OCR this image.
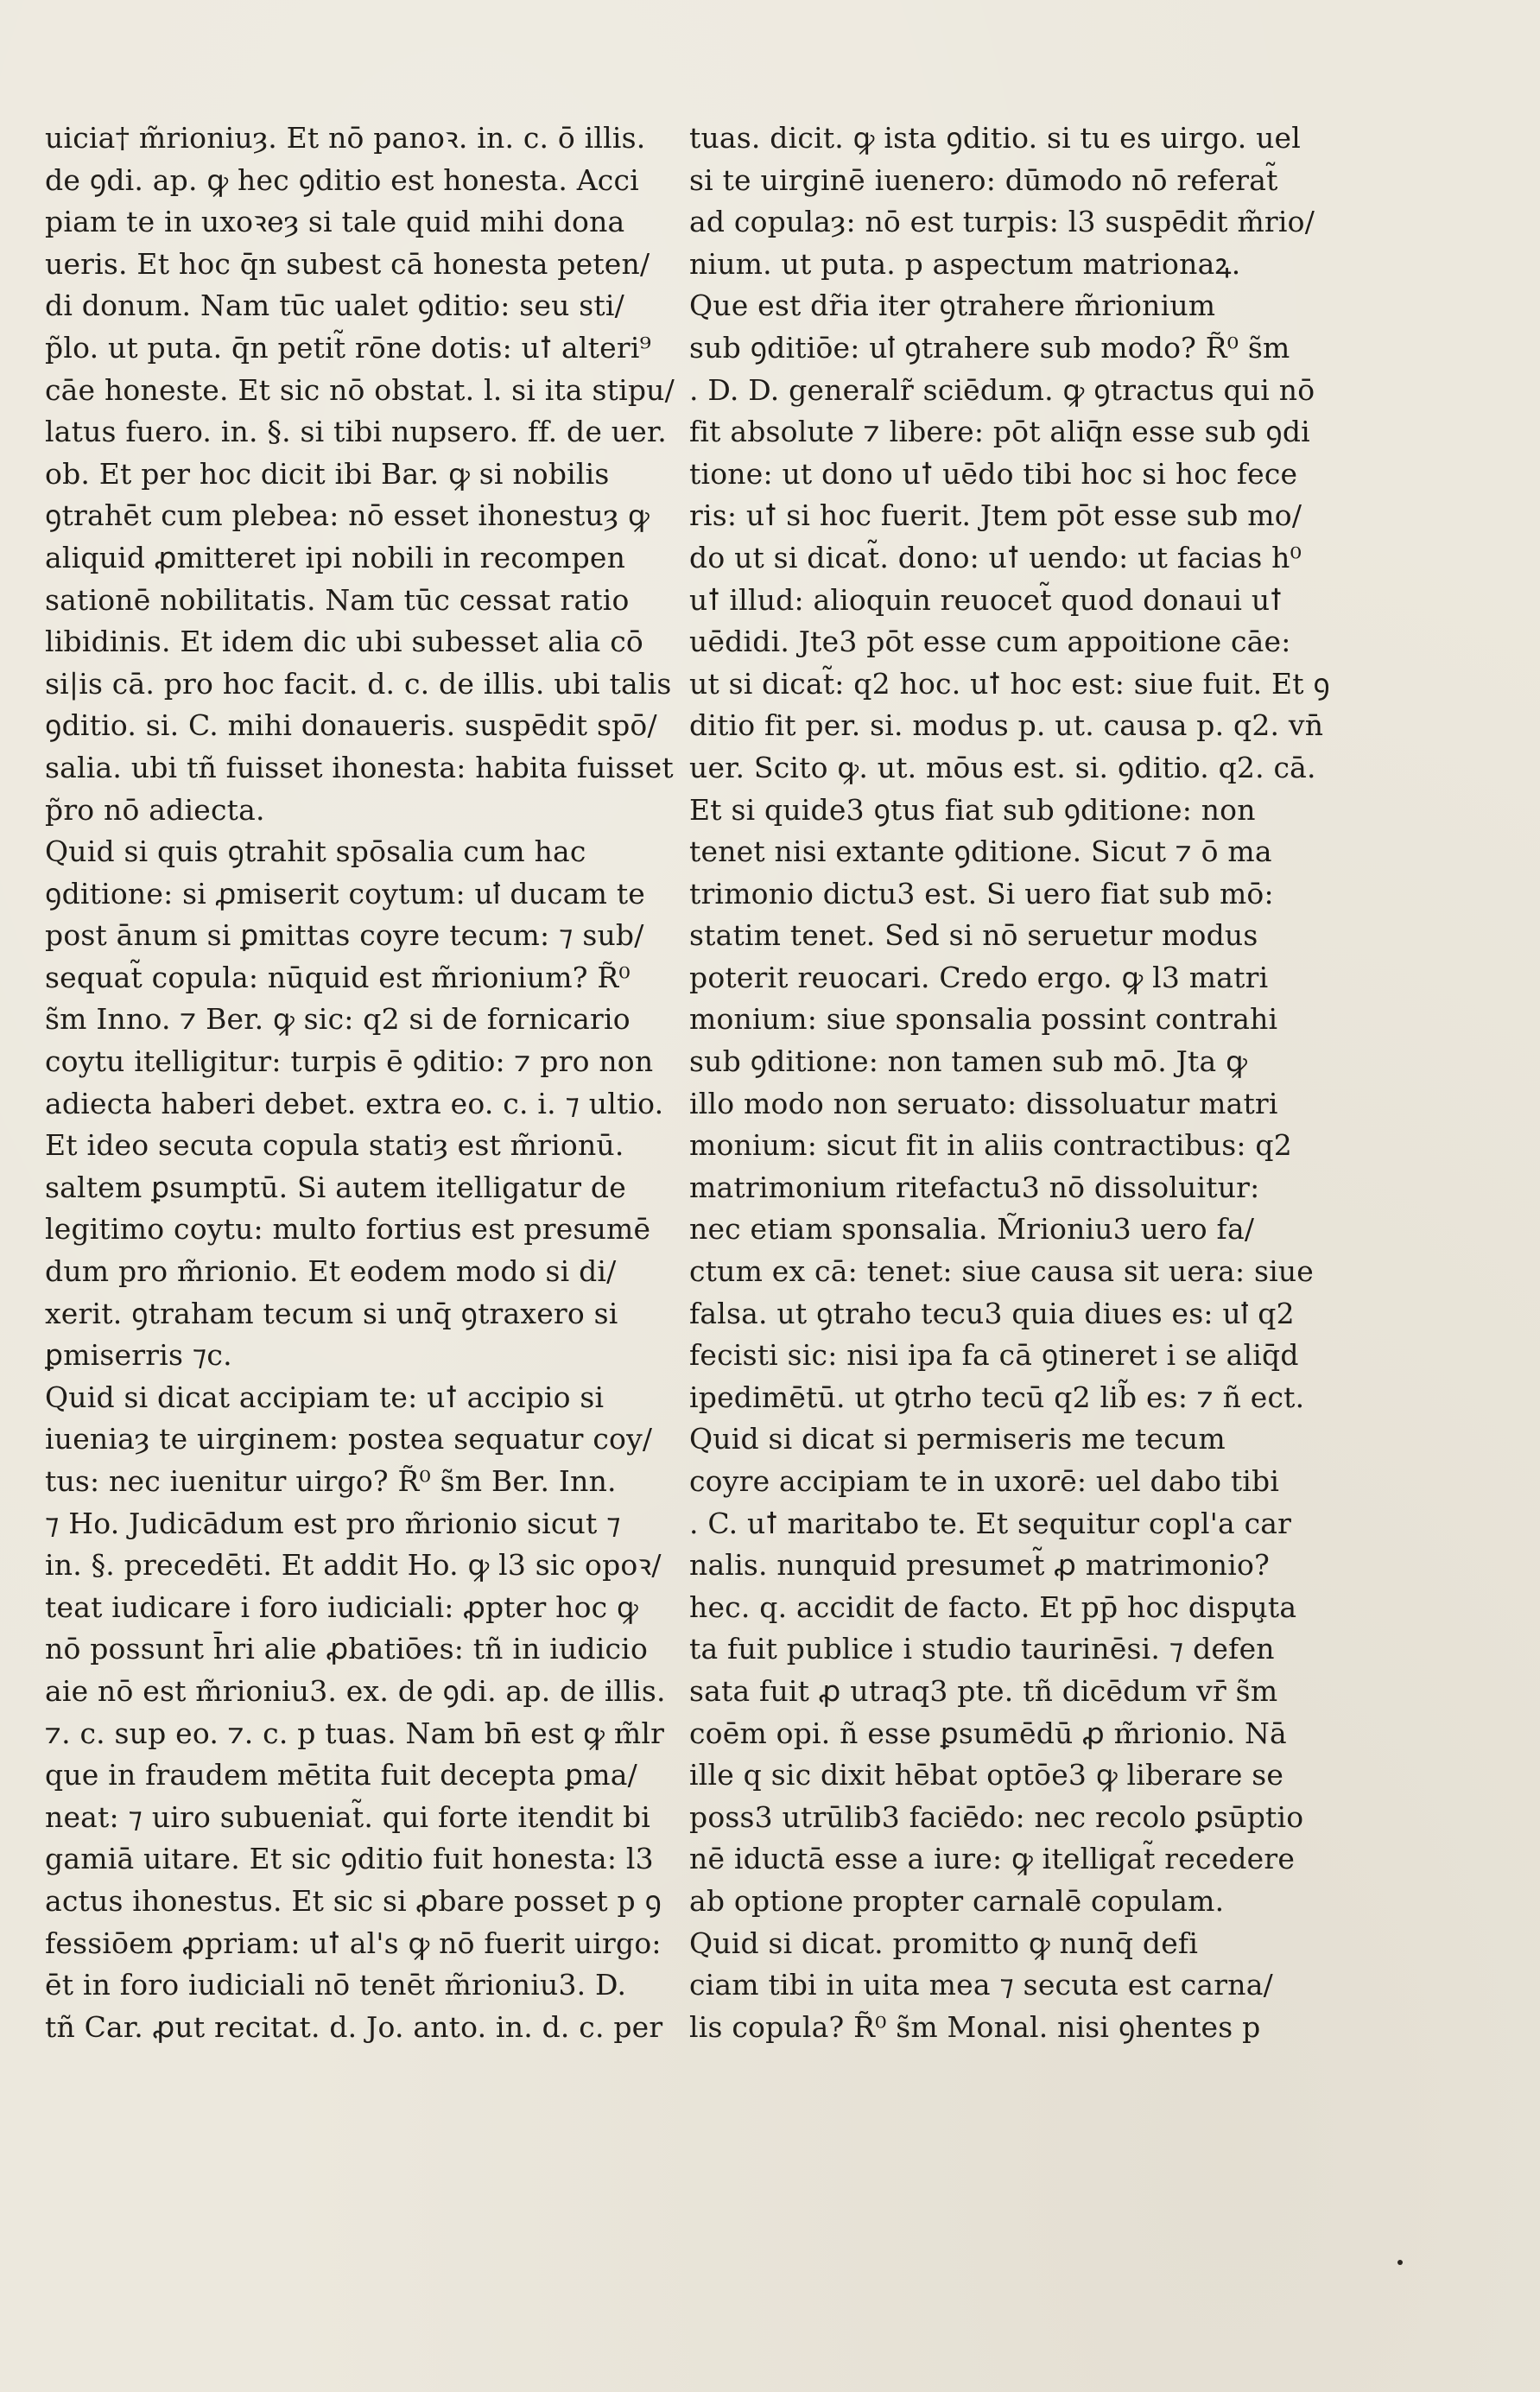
uicia† m̃rioniuȝ. Et nō panoꝛ. in. c. ō illis.
de ꝯdi. ap. ꝙ hec ꝯditio est honesta. Acci
piam te in uxoꝛeȝ si tale quid mihi dona
ueris. Et hoc q̄n subest cā honesta peten/
di donum. Nam tūc ualet ꝯditio: seu sti/
p̃lo. ut puta. q̄n petit̃ rōne dotis: uꝉ alteri⁹
cāe honeste. Et sic nō obstat. l. si ita stipu/
latus fuero. in. §. si tibi nupsero. ff. de uer.
ob. Et per hoc dicit ibi Bar. ꝙ si nobilis
ꝯtrahēt cum plebea: nō esset ihonestuȝ ꝙ
aliquid ꝓmitteret ipi nobili in recompen
sationē nobilitatis. Nam tūc cessat ratio
libidinis. Et idem dic ubi subesset alia cō
si|is cā. pro hoc facit. d. c. de illis. ubi talis
ꝯditio. si. C. mihi donaueris. suspēdit spō/
salia. ubi tñ fuisset ihonesta: habita fuisset
p̃ro nō adiecta.
Quid si quis ꝯtrahit spōsalia cum hac
ꝯditione: si ꝓmiserit coytum: uꝉ ducam te
post ānum si ꝑmittas coyre tecum: ⁊ sub/
sequat̃ copula: nūquid est m̃rionium? R̃⁰
s̃m Inno. ⁊ Ber. ꝙ sic: q2 si de fornicario
coytu itelligitur: turpis ē ꝯditio: ⁊ pro non
adiecta haberi debet. extra eo. c. i. ⁊ ultio.
Et ideo secuta copula statiȝ est m̃rionū.
saltem ꝑsumptū. Si autem itelligatur de
legitimo coytu: multo fortius est presumē
dum pro m̃rionio. Et eodem modo si di/
xerit. ꝯtraham tecum si unq̄ ꝯtraxero si
ꝑmiserris ⁊c.
Quid si dicat accipiam te: uꝉ accipio si
iueniaȝ te uirginem: postea sequatur coy/
tus: nec iuenitur uirgo? R̃⁰ s̃m Ber. Inn.
⁊ Ho. Judicādum est pro m̃rionio sicut ⁊
in. §. precedēti. Et addit Ho. ꝙ l3 sic opoꝛ/
teat iudicare i foro iudiciali: ꝓpter hoc ꝙ
nō possunt h̄ri alie ꝓbatiōes: tñ in iudicio
aie nō est m̃rioniu3. ex. de ꝯdi. ap. de illis.
⁊. c. sup eo. ⁊. c. p tuas. Nam bn̄ est ꝙ m̃lr
que in fraudem mētita fuit decepta ꝑma/
neat: ⁊ uiro subueniat̃. qui forte itendit bi
gamiā uitare. Et sic ꝯditio fuit honesta: l3
actus ihonestus. Et sic si ꝓbare posset p ꝯ
fessiōem ꝓpriam: uꝉ al's ꝙ nō fuerit uirgo:
ēt in foro iudiciali nō tenēt m̃rioniu3. D.
tñ Car. ꝓut recitat. d. Jo. anto. in. d. c. per
tuas. dicit. ꝙ ista ꝯditio. si tu es uirgo. uel
si te uirginē iuenero: dūmodo nō referat̃
ad copulaȝ: nō est turpis: l3 suspēdit m̃rio/
nium. ut puta. p aspectum matrionaꝝ.
Que est dr̃ia iter ꝯtrahere m̃rionium
sub ꝯditiōe: uꝉ ꝯtrahere sub modo? R̃⁰ s̃m
. D. D. generalr̃ sciēdum. ꝙ ꝯtractus qui nō
fit absolute ⁊ libere: pōt aliq̄n esse sub ꝯdi
tione: ut dono uꝉ uēdo tibi hoc si hoc fece
ris: uꝉ si hoc fuerit. Jtem pōt esse sub mo/
do ut si dicat̃. dono: uꝉ uendo: ut facias h⁰
uꝉ illud: alioquin reuocet̃ quod donaui uꝉ
uēdidi. Jte3 pōt esse cum appoitione cāe:
ut si dicat̃: q2 hoc. uꝉ hoc est: siue fuit. Et ꝯ
ditio fit per. si. modus p. ut. causa p. q2. vn̄
uer. Scito ꝙ. ut. mōus est. si. ꝯditio. q2. cā.
Et si quide3 ꝯtus fiat sub ꝯditione: non
tenet nisi extante ꝯditione. Sicut ⁊ ō ma
trimonio dictu3 est. Si uero fiat sub mō:
statim tenet. Sed si nō seruetur modus
poterit reuocari. Credo ergo. ꝙ l3 matri
monium: siue sponsalia possint contrahi
sub ꝯditione: non tamen sub mō. Jta ꝙ
illo modo non seruato: dissoluatur matri
monium: sicut fit in aliis contractibus: q2
matrimonium ritefactu3 nō dissoluitur:
nec etiam sponsalia. M̃rioniu3 uero fa/
ctum ex cā: tenet: siue causa sit uera: siue
falsa. ut ꝯtraho tecu3 quia diues es: uꝉ q2
fecisti sic: nisi ipa fa cā ꝯtineret i se aliq̄d
ipedimētū. ut ꝯtrho tecū q2 lib̃ es: ⁊ ñ ect.
Quid si dicat si permiseris me tecum
coyre accipiam te in uxorē: uel dabo tibi
. C. uꝉ maritabo te. Et sequitur copl'a car
nalis. nunquid presumet̃ ꝓ matrimonio?
hec. q. accidit de facto. Et pp̄ hoc dispu̧ta
ta fuit publice i studio taurinēsi. ⁊ defen
sata fuit ꝓ utraq3 pte. tñ dicēdum vr̄ s̃m
coēm opi. ñ esse ꝑsumēdū ꝓ m̃rionio. Nā
ille q sic dixit hēbat optōe3 ꝙ liberare se
poss3 utrūlib3 faciēdo: nec recolo ꝑsūptio
nē iductā esse a iure: ꝙ itelligat̃ recedere
ab optione propter carnalē copulam.
Quid si dicat. promitto ꝙ nunq̄ defi
ciam tibi in uita mea ⁊ secuta est carna/
lis copula? R̃⁰ s̃m Monal. nisi ꝯhentes p
